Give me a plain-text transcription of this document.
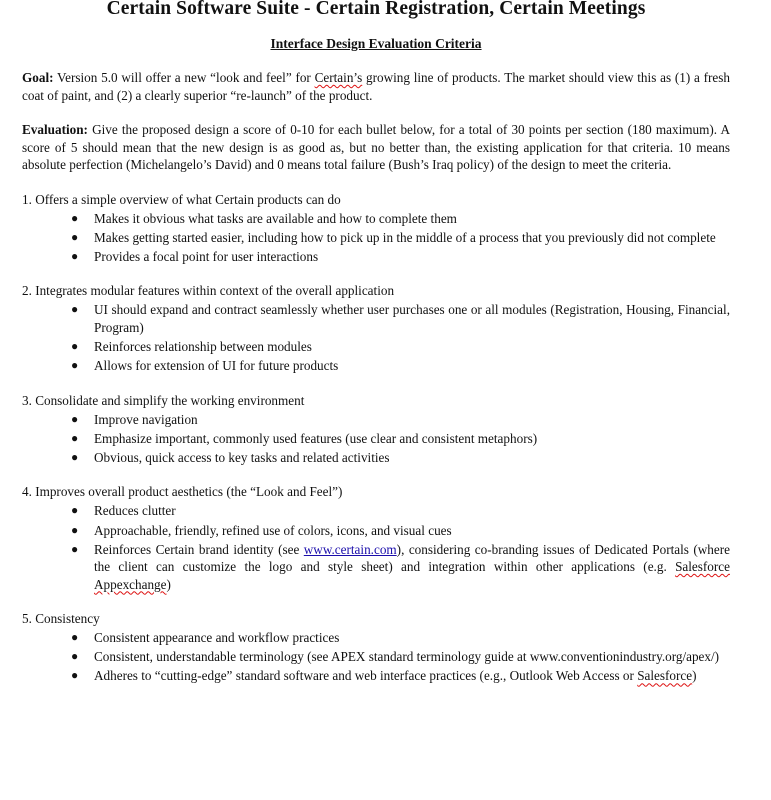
Certain Software Suite - Certain Registration, Certain Meetings
Interface Design Evaluation Criteria

Goal: Version 5.0 will offer a new “look and feel” for Certain’s growing line of products. The market should view this as (1) a fresh coat of paint, and (2) a clearly superior “re-launch” of the product.

Evaluation: Give the proposed design a score of 0-10 for each bullet below, for a total of 30 points per section (180 maximum). A score of 5 should mean that the new design is as good as, but no better than, the existing application for that criteria. 10 means absolute perfection (Michelangelo’s David) and 0 means total failure (Bush’s Iraq policy) of the design to meet the criteria.

1. Offers a simple overview of what Certain products can do
● Makes it obvious what tasks are available and how to complete them
● Makes getting started easier, including how to pick up in the middle of a process that you previously did not complete
● Provides a focal point for user interactions
2. Integrates modular features within context of the overall application
● UI should expand and contract seamlessly whether user purchases one or all modules (Registration, Housing, Financial, Program)
● Reinforces relationship between modules
● Allows for extension of UI for future products
3. Consolidate and simplify the working environment
● Improve navigation
● Emphasize important, commonly used features (use clear and consistent metaphors)
● Obvious, quick access to key tasks and related activities
4. Improves overall product aesthetics (the “Look and Feel”)
● Reduces clutter
● Approachable, friendly, refined use of colors, icons, and visual cues
● Reinforces Certain brand identity (see www.certain.com), considering co-branding issues of Dedicated Portals (where the client can customize the logo and style sheet) and integration within other applications (e.g. Salesforce Appexchange)
5. Consistency
● Consistent appearance and workflow practices
● Consistent, understandable terminology (see APEX standard terminology guide at www.conventionindustry.org/apex/)
● Adheres to “cutting-edge” standard software and web interface practices (e.g., Outlook Web Access or Salesforce)
